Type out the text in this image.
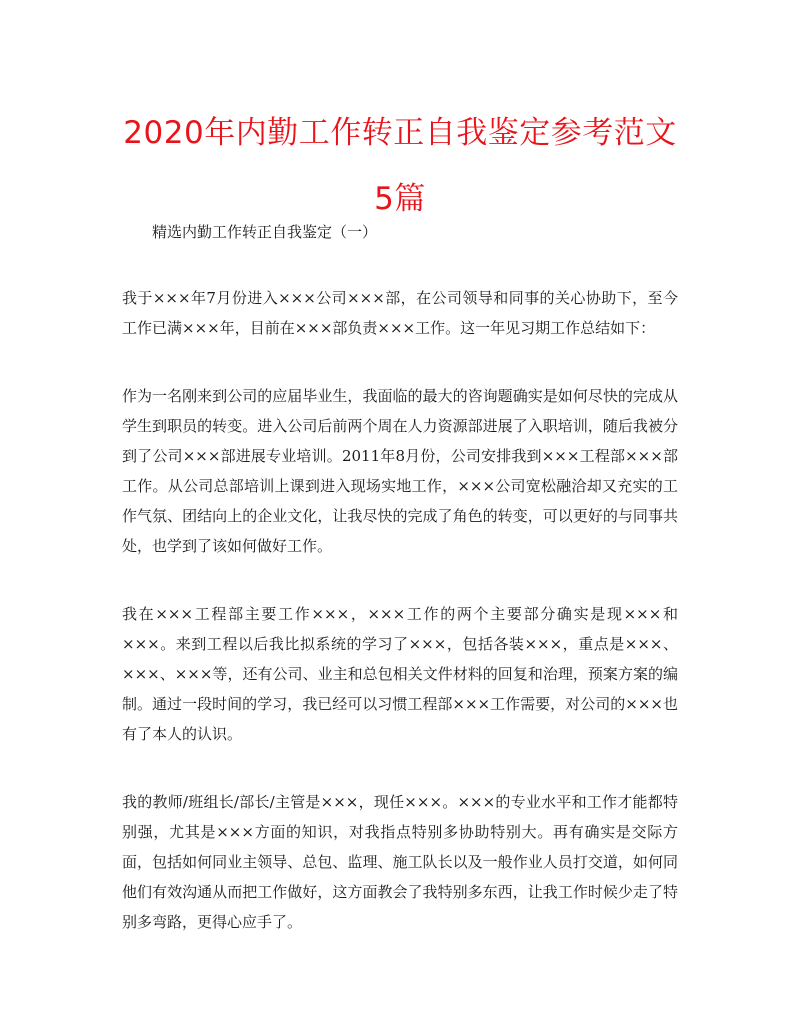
2020年内勤工作转正自我鉴定参考范文5篇

精选内勤工作转正自我鉴定（一）

我于×××年7月份进入×××公司×××部，在公司领导和同事的关心协助下，至今工作已满×××年，目前在×××部负责×××工作。这一年见习期工作总结如下：

作为一名刚来到公司的应届毕业生，我面临的最大的咨询题确实是如何尽快的完成从学生到职员的转变。进入公司后前两个周在人力资源部进展了入职培训，随后我被分到了公司×××部进展专业培训。2011年8月份，公司安排我到×××工程部×××部工作。从公司总部培训上课到进入现场实地工作，×××公司宽松融洽却又充实的工作气氛、团结向上的企业文化，让我尽快的完成了角色的转变，可以更好的与同事共处，也学到了该如何做好工作。

我在×××工程部主要工作×××，×××工作的两个主要部分确实是现×××和×××。来到工程以后我比拟系统的学习了×××，包括各装×××，重点是×××、×××、×××等，还有公司、业主和总包相关文件材料的回复和治理，预案方案的编制。通过一段时间的学习，我已经可以习惯工程部×××工作需要，对公司的×××也有了本人的认识。

我的教师/班组长/部长/主管是×××，现任×××。×××的专业水平和工作才能都特别强，尤其是×××方面的知识，对我指点特别多协助特别大。再有确实是交际方面，包括如何同业主领导、总包、监理、施工队长以及一般作业人员打交道，如何同他们有效沟通从而把工作做好，这方面教会了我特别多东西，让我工作时候少走了特别多弯路，更得心应手了。
